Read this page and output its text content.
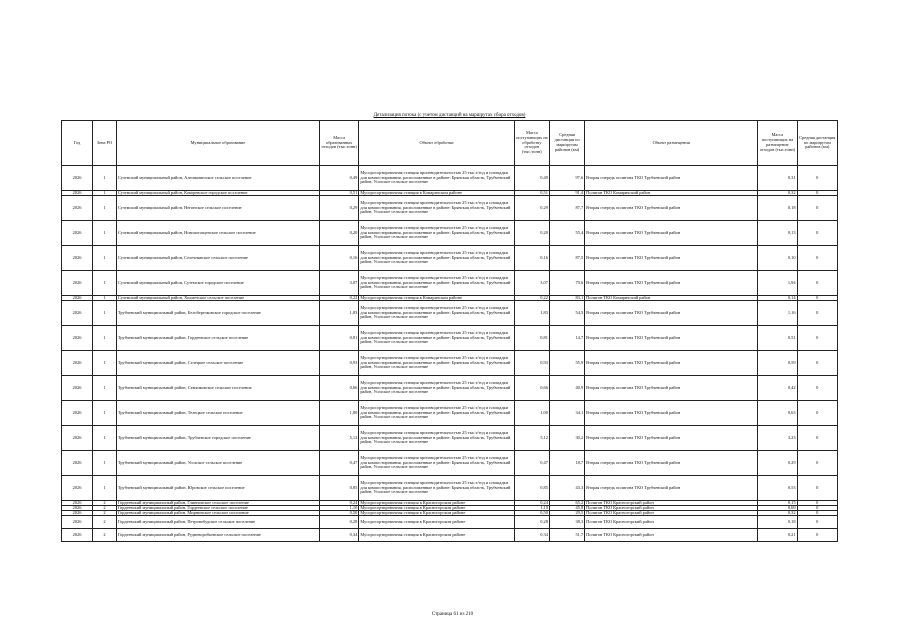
Детализация потока (с учетом дистанций на маршрутах сбора отходов)
Год	Зона РО	Муниципальное образование	Масса образованных отходов (тыс.тонн)	Объект обработки	Масса поступающих на обработку отходов (тыс.тонн)	Средняя дистанция по маршрутам районов (км)	Объект размещения	Масса поступающих на размещение отходов (тыс.тонн)	Средняя дистанция по маршрутам районов (км)
2026	1	Суземский муниципальный район, Алешковичское сельское поселение	0,49	Мусоросортировочная станция производительностью 25 тыс.т/год и площадки для компостирования, расположенные в районе: Брянская область, Трубчевский район, Усохское сельское поселение	0,49	97,6	Вторая очередь полигона ТКО Трубчевский район	0,31	0
2026	1	Суземский муниципальный район, Кокоревское городское поселение	0,51	Мусоросортировочная станция в Комаричском районе	0,51	91,4	Полигон ТКО Комаричский район	0,32	0
2026	1	Суземский муниципальный район, Негинское сельское поселение	0,29	Мусоросортировочная станция производительностью 25 тыс.т/год и площадки для компостирования, расположенные в районе: Брянская область, Трубчевский район, Усохское сельское поселение	0,29	87,7	Вторая очередь полигона ТКО Трубчевский район	0,18	0
2026	1	Суземский муниципальный район, Новопогощенское сельское поселение	0,20	Мусоросортировочная станция производительностью 25 тыс.т/год и площадки для компостирования, расположенные в районе: Брянская область, Трубчевский район, Усохское сельское поселение	0,20	55,4	Вторая очередь полигона ТКО Трубчевский район	0,13	0
2026	1	Суземский муниципальный район, Селечнянское сельское поселение	0,16	Мусоросортировочная станция производительностью 25 тыс.т/год и площадки для компостирования, расположенные в районе: Брянская область, Трубчевский район, Усохское сельское поселение	0,16	87,5	Вторая очередь полигона ТКО Трубчевский район	0,10	0
2026	1	Суземский муниципальный район, Суземское городское поселение	3,07	Мусоросортировочная станция производительностью 25 тыс.т/год и площадки для компостирования, расположенные в районе: Брянская область, Трубчевский район, Усохское сельское поселение	3,07	79,6	Вторая очередь полигона ТКО Трубчевский район	1,94	0
2026	1	Суземский муниципальный район, Холмечское сельское поселение	0,22	Мусоросортировочная станция в Комаричском районе	0,22	83,1	Полигон ТКО Комаричский район	0,14	0
2026	1	Трубчевский муниципальный район, Белоберезковское городское поселение	1,83	Мусоросортировочная станция производительностью 25 тыс.т/год и площадки для компостирования, расположенные в районе: Брянская область, Трубчевский район, Усохское сельское поселение	1,83	54,5	Вторая очередь полигона ТКО Трубчевский район	1,16	0
2026	1	Трубчевский муниципальный район, Гордеевское сельское поселение	0,81	Мусоросортировочная станция производительностью 25 тыс.т/год и площадки для компостирования, расположенные в районе: Брянская область, Трубчевский район, Усохское сельское поселение	0,81	14,7	Вторая очередь полигона ТКО Трубчевский район	0,51	0
2026	1	Трубчевский муниципальный район, Селецкое сельское поселение	0,93	Мусоросортировочная станция производительностью 25 тыс.т/год и площадки для компостирования, расположенные в районе: Брянская область, Трубчевский район, Усохское сельское поселение	0,93	55,9	Вторая очередь полигона ТКО Трубчевский район	0,59	0
2026	1	Трубчевский муниципальный район, Семячковское сельское поселение	0,66	Мусоросортировочная станция производительностью 25 тыс.т/год и площадки для компостирования, расположенные в районе: Брянская область, Трубчевский район, Усохское сельское поселение	0,66	40,9	Вторая очередь полигона ТКО Трубчевский район	0,42	0
2026	1	Трубчевский муниципальный район, Телецкое сельское поселение	1,00	Мусоросортировочная станция производительностью 25 тыс.т/год и площадки для компостирования, расположенные в районе: Брянская область, Трубчевский район, Усохское сельское поселение	1,00	34,1	Вторая очередь полигона ТКО Трубчевский район	0,63	0
2026	1	Трубчевский муниципальный район, Трубчевское городское поселение	5,12	Мусоросортировочная станция производительностью 25 тыс.т/год и площадки для компостирования, расположенные в районе: Брянская область, Трубчевский район, Усохское сельское поселение	5,12	30,2	Вторая очередь полигона ТКО Трубчевский район	3,23	0
2026	1	Трубчевский муниципальный район, Усохское сельское поселение	0,47	Мусоросортировочная станция производительностью 25 тыс.т/год и площадки для компостирования, расположенные в районе: Брянская область, Трубчевский район, Усохское сельское поселение	0,47	18,7	Вторая очередь полигона ТКО Трубчевский район	0,29	0
2026	1	Трубчевский муниципальный район, Юровское сельское поселение	0,85	Мусоросортировочная станция производительностью 25 тыс.т/год и площадки для компостирования, расположенные в районе: Брянская область, Трубчевский район, Усохское сельское поселение	0,85	43,3	Вторая очередь полигона ТКО Трубчевский район	0,53	0
2026	2	Гордеевский муниципальный район, Глинновское сельское поселение	0,24	Мусоросортировочная станция в Красногорском районе	0,24	65,2	Полигон ТКО Красногорский район	0,15	0
2026	2	Гордеевский муниципальный район, Гордеевское сельское поселение	1,10	Мусоросортировочная станция в Красногорском районе	1,10	45,8	Полигон ТКО Красногорский район	0,69	0
2026	2	Гордеевский муниципальный район, Мирнинское сельское поселение	0,50	Мусоросортировочная станция в Красногорском районе	0,50	29,5	Полигон ТКО Красногорский район	0,32	0
2026	2	Гордеевский муниципальный район, Петровобудское сельское поселение	0,28	Мусоросортировочная станция в Красногорском районе	0,28	38,3	Полигон ТКО Красногорский район	0,18	0
2026	2	Гордеевский муниципальный район, Рудневоробьевское сельское поселение	0,34	Мусоросортировочная станция в Красногорском районе	0,34	51,7	Полигон ТКО Красногорский район	0,21	0
Страница 61 из 210
